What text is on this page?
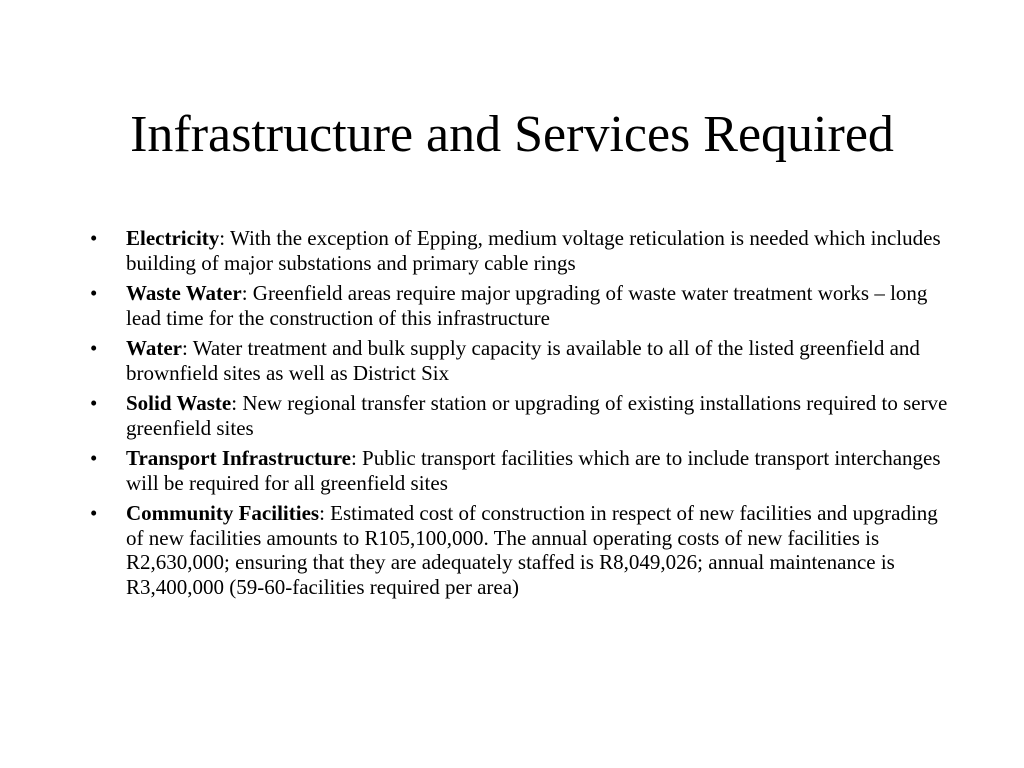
Infrastructure and Services Required
•	Electricity: With the exception of Epping, medium voltage reticulation is needed which includes building of major substations and primary cable rings
•	Waste Water: Greenfield areas require major upgrading of waste water treatment works – long lead time for the construction of this infrastructure
•	Water: Water treatment and bulk supply capacity is available to all of the listed greenfield and brownfield sites as well as District Six
•	Solid Waste: New regional transfer station or upgrading of existing installations required to serve greenfield sites
•	Transport Infrastructure: Public transport facilities which are to include transport interchanges will be required for all greenfield sites
•	Community Facilities: Estimated cost of construction in respect of new facilities and upgrading of new facilities amounts to R105,100,000. The annual operating costs of new facilities is R2,630,000; ensuring that they are adequately staffed is R8,049,026; annual maintenance is R3,400,000 (59-60-facilities required per area)
